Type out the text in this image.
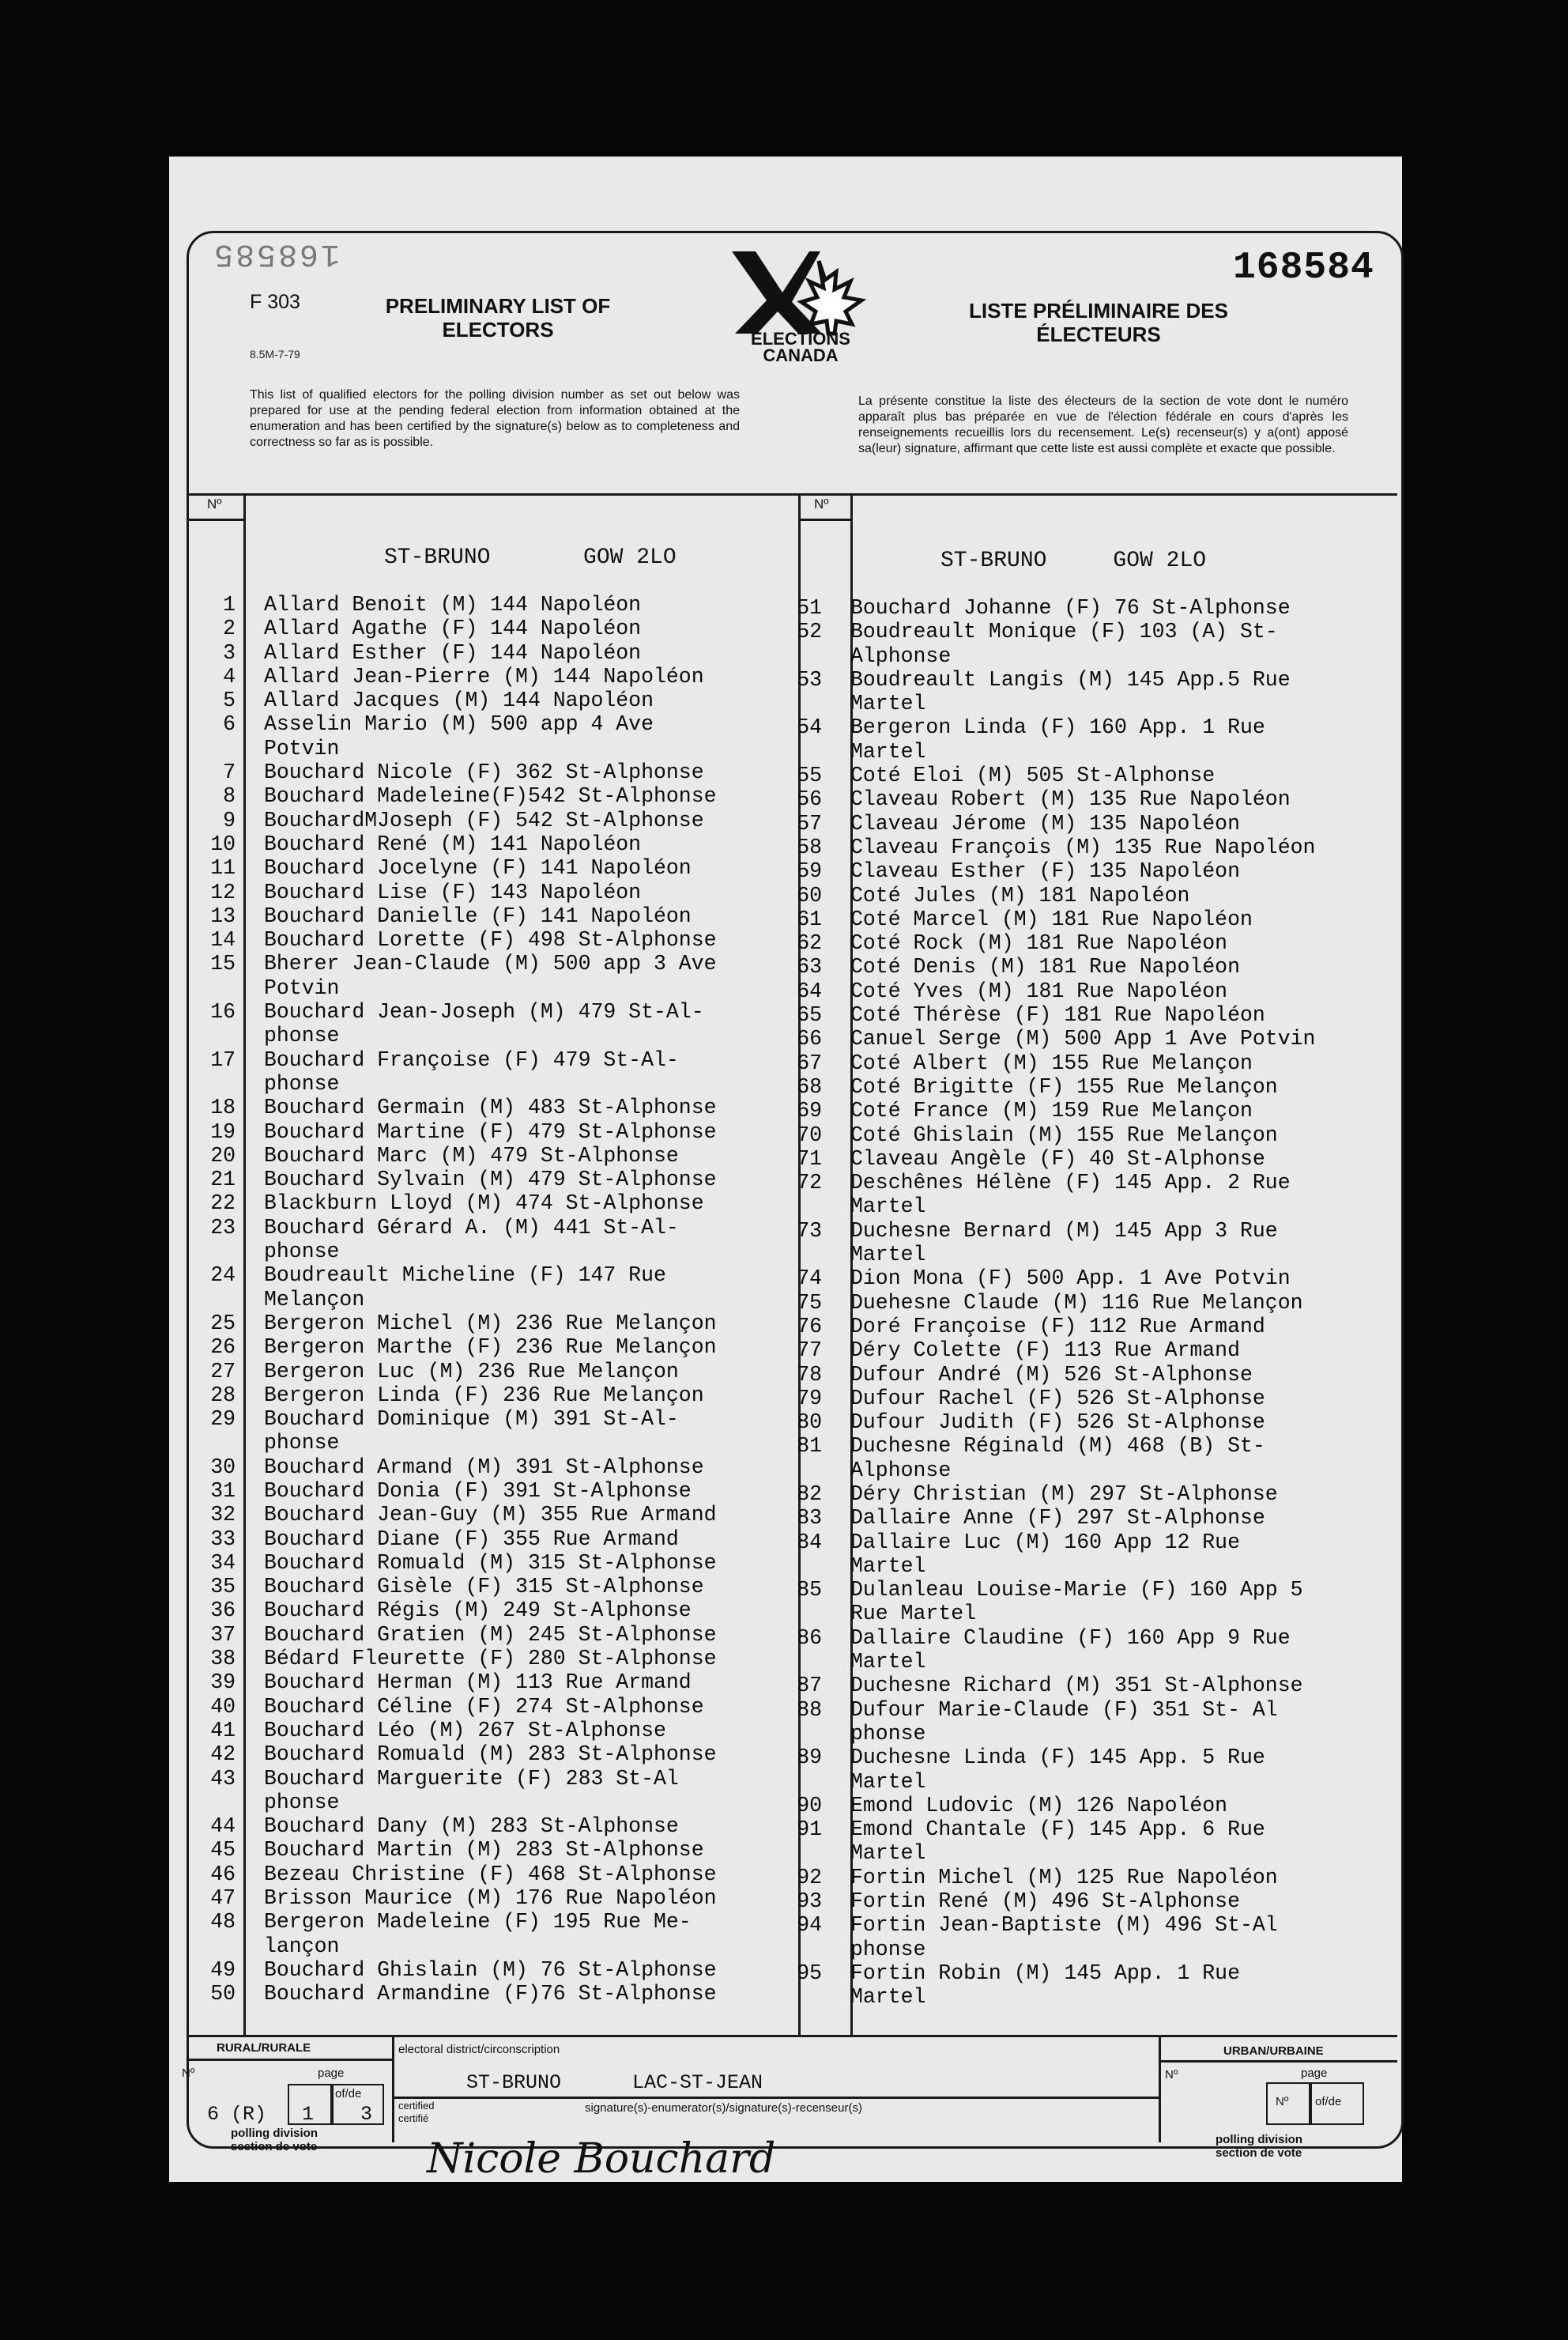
168585	168584
F 303
8.5M-7-79
PRELIMINARY LIST OF ELECTORS
LISTE PRÉLIMINAIRE DES ÉLECTEURS
ELECTIONS
CANADA
This list of qualified electors for the polling division number as set out below was prepared for use at the pending federal election from information obtained at the enumeration and has been certified by the signature(s) below as to completeness and correctness so far as is possible.
La présente constitue la liste des électeurs de la section de vote dont le numéro apparaît plus bas préparée en vue de l'élection fédérale en cours d'après les renseignements recueillis lors du recensement. Le(s) recenseur(s) y a(ont) apposé sa(leur) signature, affirmant que cette liste est aussi complète et exacte que possible.
Nº	Nº
ST-BRUNO       GOW 2LO	ST-BRUNO     GOW 2LO
1	Allard Benoit (M) 144 Napoléon
2	Allard Agathe (F) 144 Napoléon
3	Allard Esther (F) 144 Napoléon
4	Allard Jean-Pierre (M) 144 Napoléon
5	Allard Jacques (M) 144 Napoléon
6	Asselin Mario (M) 500 app 4 Ave
Potvin
7	Bouchard Nicole (F) 362 St-Alphonse
8	Bouchard Madeleine(F)542 St-Alphonse
9	BouchardMJoseph (F) 542 St-Alphonse
10	Bouchard René (M) 141 Napoléon
11	Bouchard Jocelyne (F) 141 Napoléon
12	Bouchard Lise (F) 143 Napoléon
13	Bouchard Danielle (F) 141 Napoléon
14	Bouchard Lorette (F) 498 St-Alphonse
15	Bherer Jean-Claude (M) 500 app 3 Ave
Potvin
16	Bouchard Jean-Joseph (M) 479 St-Al-
phonse
17	Bouchard Françoise (F) 479 St-Al-
phonse
18	Bouchard Germain (M) 483 St-Alphonse
19	Bouchard Martine (F) 479 St-Alphonse
20	Bouchard Marc (M) 479 St-Alphonse
21	Bouchard Sylvain (M) 479 St-Alphonse
22	Blackburn Lloyd (M) 474 St-Alphonse
23	Bouchard Gérard A. (M) 441 St-Al-
phonse
24	Boudreault Micheline (F) 147 Rue
Melançon
25	Bergeron Michel (M) 236 Rue Melançon
26	Bergeron Marthe (F) 236 Rue Melançon
27	Bergeron Luc (M) 236 Rue Melançon
28	Bergeron Linda (F) 236 Rue Melançon
29	Bouchard Dominique (M) 391 St-Al-
phonse
30	Bouchard Armand (M) 391 St-Alphonse
31	Bouchard Donia (F) 391 St-Alphonse
32	Bouchard Jean-Guy (M) 355 Rue Armand
33	Bouchard Diane (F) 355 Rue Armand
34	Bouchard Romuald (M) 315 St-Alphonse
35	Bouchard Gisèle (F) 315 St-Alphonse
36	Bouchard Régis (M) 249 St-Alphonse
37	Bouchard Gratien (M) 245 St-Alphonse
38	Bédard Fleurette (F) 280 St-Alphonse
39	Bouchard Herman (M) 113 Rue Armand
40	Bouchard Céline (F) 274 St-Alphonse
41	Bouchard Léo (M) 267 St-Alphonse
42	Bouchard Romuald (M) 283 St-Alphonse
43	Bouchard Marguerite (F) 283 St-Al
phonse
44	Bouchard Dany (M) 283 St-Alphonse
45	Bouchard Martin (M) 283 St-Alphonse
46	Bezeau Christine (F) 468 St-Alphonse
47	Brisson Maurice (M) 176 Rue Napoléon
48	Bergeron Madeleine (F) 195 Rue Me-
lançon
49	Bouchard Ghislain (M) 76 St-Alphonse
50	Bouchard Armandine (F)76 St-Alphonse
51	Bouchard Johanne (F) 76 St-Alphonse
52	Boudreault Monique (F) 103 (A) St-
Alphonse
53	Boudreault Langis (M) 145 App.5 Rue
Martel
54	Bergeron Linda (F) 160 App. 1 Rue
Martel
55	Coté Eloi (M) 505 St-Alphonse
56	Claveau Robert (M) 135 Rue Napoléon
57	Claveau Jérome (M) 135 Napoléon
58	Claveau François (M) 135 Rue Napoléon
59	Claveau Esther (F) 135 Napoléon
60	Coté Jules (M) 181 Napoléon
61	Coté Marcel (M) 181 Rue Napoléon
62	Coté Rock (M) 181 Rue Napoléon
63	Coté Denis (M) 181 Rue Napoléon
64	Coté Yves (M) 181 Rue Napoléon
65	Coté Thérèse (F) 181 Rue Napoléon
66	Canuel Serge (M) 500 App 1 Ave Potvin
67	Coté Albert (M) 155 Rue Melançon
68	Coté Brigitte (F) 155 Rue Melançon
69	Coté France (M) 159 Rue Melançon
70	Coté Ghislain (M) 155 Rue Melançon
71	Claveau Angèle (F) 40 St-Alphonse
72	Deschênes Hélène (F) 145 App. 2 Rue
Martel
73	Duchesne Bernard (M) 145 App 3 Rue
Martel
74	Dion Mona (F) 500 App. 1 Ave Potvin
75	Duehesne Claude (M) 116 Rue Melançon
76	Doré Françoise (F) 112 Rue Armand
77	Déry Colette (F) 113 Rue Armand
78	Dufour André (M) 526 St-Alphonse
79	Dufour Rachel (F) 526 St-Alphonse
80	Dufour Judith (F) 526 St-Alphonse
81	Duchesne Réginald (M) 468 (B) St-
Alphonse
82	Déry Christian (M) 297 St-Alphonse
83	Dallaire Anne (F) 297 St-Alphonse
84	Dallaire Luc (M) 160 App 12 Rue
Martel
85	Dulanleau Louise-Marie (F) 160 App 5
Rue Martel
86	Dallaire Claudine (F) 160 App 9 Rue
Martel
87	Duchesne Richard (M) 351 St-Alphonse
88	Dufour Marie-Claude (F) 351 St- Al
phonse
89	Duchesne Linda (F) 145 App. 5 Rue
Martel
90	Emond Ludovic (M) 126 Napoléon
91	Emond Chantale (F) 145 App. 6 Rue
Martel
92	Fortin Michel (M) 125 Rue Napoléon
93	Fortin René (M) 496 St-Alphonse
94	Fortin Jean-Baptiste (M) 496 St-Al
phonse
95	Fortin Robin (M) 145 App. 1 Rue
Martel
RURAL/RURALE
Nº	page
of/de
6 (R) 1 3
polling division
section de vote
electoral district/circonscription
ST-BRUNO      LAC-ST-JEAN
certified
certifié
signature(s)-enumerator(s)/signature(s)-recenseur(s)
Nicole Bouchard
URBAN/URBAINE
Nº	page
Nº of/de
polling division
section de vote
